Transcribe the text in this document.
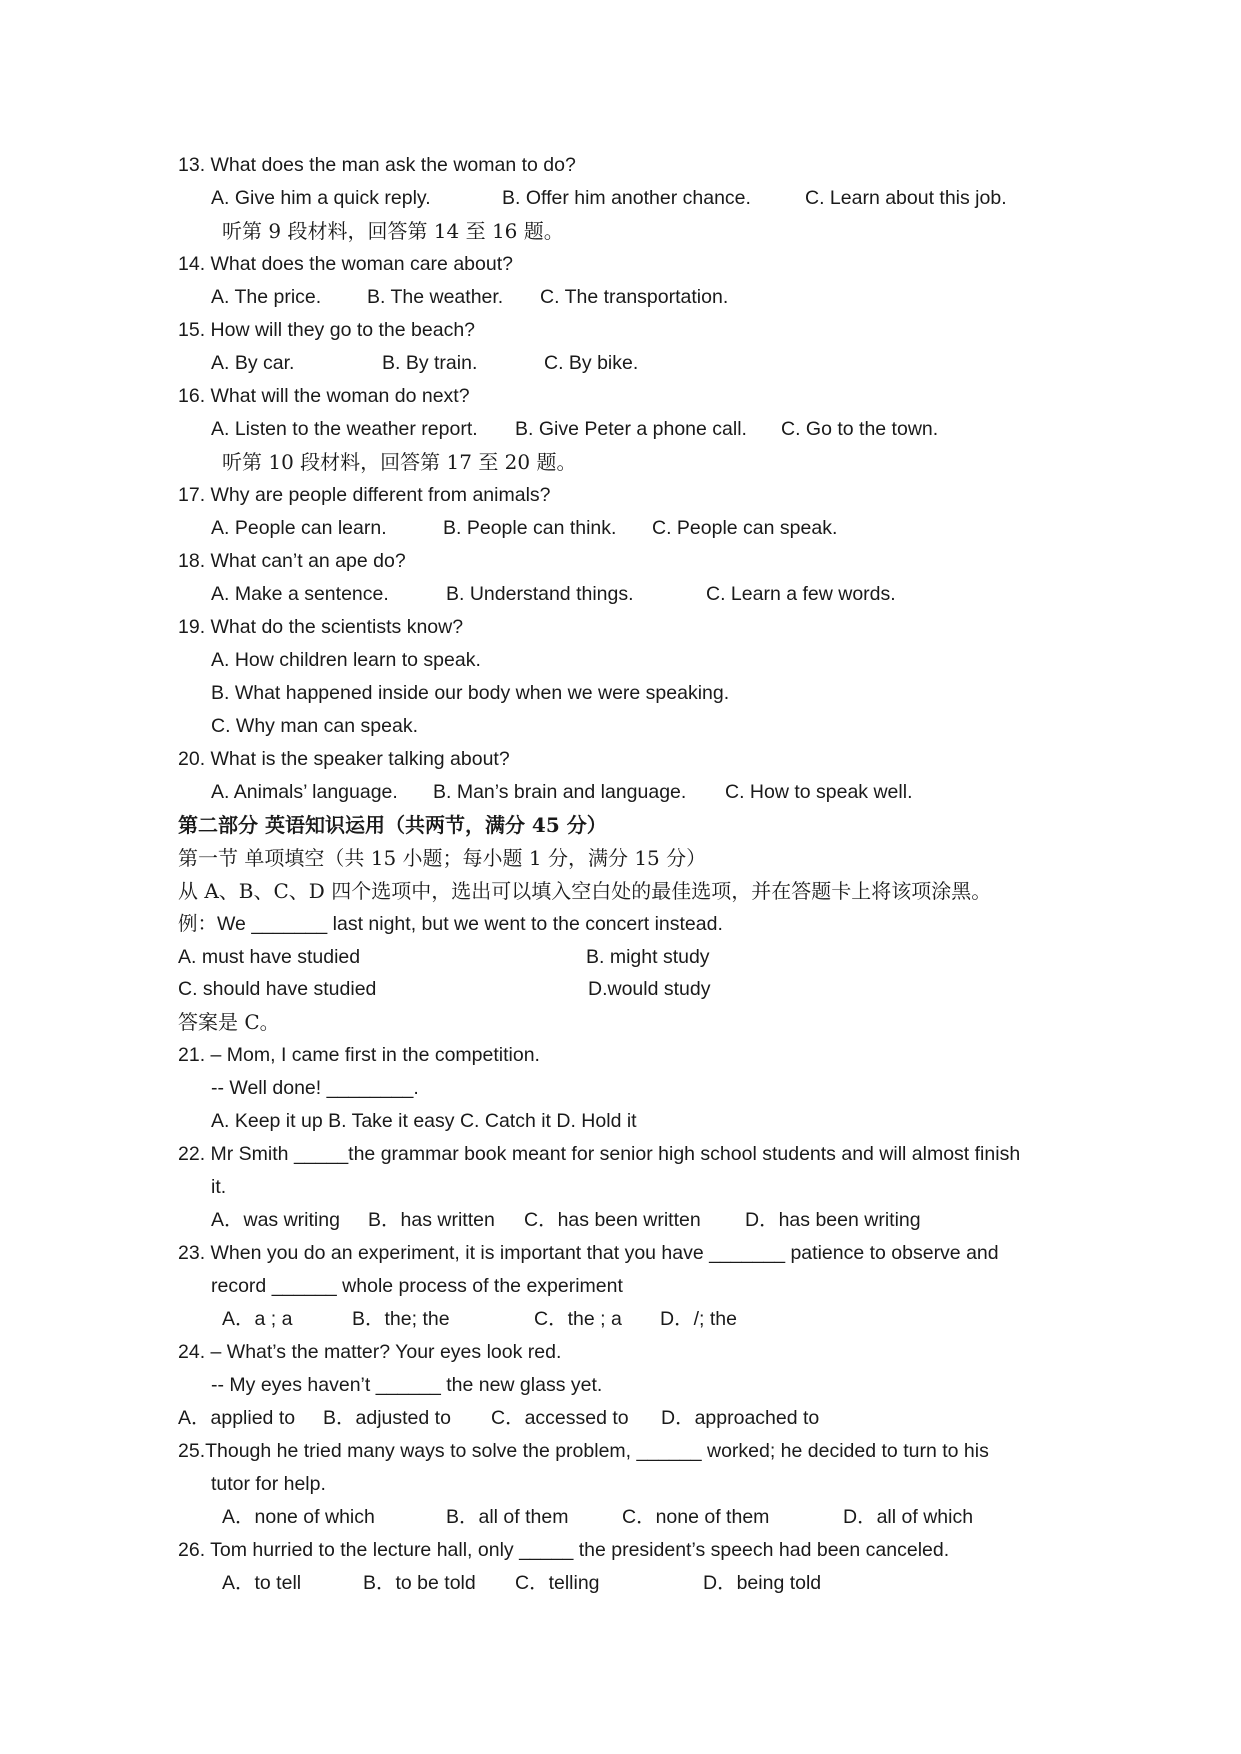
13. What does the man ask the woman to do?
A. Give him a quick reply.	B. Offer him another chance.	C. Learn about this job.
听第 9 段材料，回答第 14 至 16 题。
14. What does the woman care about?
A. The price. B. The weather. C. The transportation.
15. How will they go to the beach?
A. By car.	B. By train.	C. By bike.
16. What will the woman do next?
A. Listen to the weather report. B. Give Peter a phone call. C. Go to the town.
听第 10 段材料，回答第 17 至 20 题。
17. Why are people different from animals?
A. People can learn.	B. People can think. C. People can speak.
18. What can’t an ape do?
A. Make a sentence.	B. Understand things.	C. Learn a few words.
19. What do the scientists know?
A. How children learn to speak.
B. What happened inside our body when we were speaking.
C. Why man can speak.
20. What is the speaker talking about?
A. Animals’ language. B. Man’s brain and language. C. How to speak well.
第二部分 英语知识运用（共两节，满分 45 分）
第一节 单项填空（共 15 小题；每小题 1 分，满分 15 分）
从 A、B、C、D 四个选项中，选出可以填入空白处的最佳选项，并在答题卡上将该项涂黑。
例：We _______ last night, but we went to the concert instead.
A. must have studied	B. might study
C. should have studied	D.would study
答案是 C。
21. – Mom, I came first in the competition.
-- Well done! ________.
A. Keep it up B. Take it easy C. Catch it D. Hold it
22. Mr Smith _____the grammar book meant for senior high school students and will almost finish
it.
A．was writing B．has written C．has been written D．has been writing
23. When you do an experiment, it is important that you have _______ patience to observe and
record ______ whole process of the experiment
A．a ; a	B．the; the	C．the ; a D．/; the
24. – What’s the matter? Your eyes look red.
-- My eyes haven’t ______ the new glass yet.
A．applied to B．adjusted to C．accessed to D．approached to
25.Though he tried many ways to solve the problem, ______ worked; he decided to turn to his
tutor for help.
A．none of which	B．all of them	C．none of them	D．all of which
26. Tom hurried to the lecture hall, only _____ the president’s speech had been canceled.
A．to tell	B．to be told C．telling	D．being told
